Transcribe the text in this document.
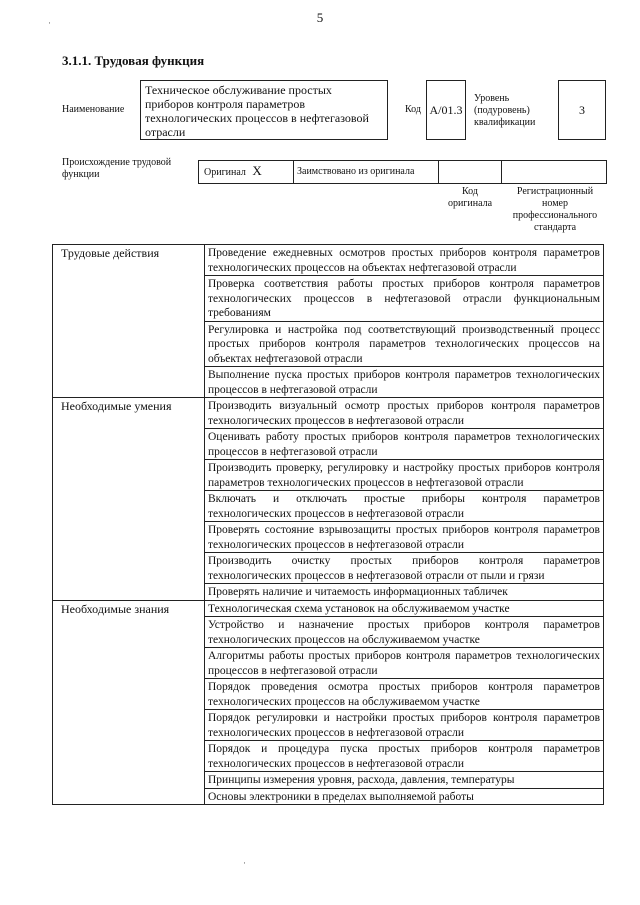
5
3.1.1. Трудовая функция
Наименование
Техническое обслуживание простых приборов контроля параметров технологических процессов в нефтегазовой отрасли
Код A/01.3
Уровень (подуровень) квалификации
3
Происхождение трудовой функции	Оригинал X	Заимствовано из оригинала
Код оригинала
Регистрационный номер профессионального стандарта
Трудовые действия	Проведение ежедневных осмотров простых приборов контроля параметров технологических процессов на объектах нефтегазовой отрасли
	Проверка соответствия работы простых приборов контроля параметров технологических процессов в нефтегазовой отрасли функциональным требованиям
	Регулировка и настройка под соответствующий производственный процесс простых приборов контроля параметров технологических процессов на объектах нефтегазовой отрасли
	Выполнение пуска простых приборов контроля параметров технологических процессов в нефтегазовой отрасли
Необходимые умения	Производить визуальный осмотр простых приборов контроля параметров технологических процессов в нефтегазовой отрасли
	Оценивать работу простых приборов контроля параметров технологических процессов в нефтегазовой отрасли
	Производить проверку, регулировку и настройку простых приборов контроля параметров технологических процессов в нефтегазовой отрасли
	Включать и отключать простые приборы контроля параметров технологических процессов в нефтегазовой отрасли
	Проверять состояние взрывозащиты простых приборов контроля параметров технологических процессов в нефтегазовой отрасли
	Производить очистку простых приборов контроля параметров технологических процессов в нефтегазовой отрасли от пыли и грязи
	Проверять наличие и читаемость информационных табличек
Необходимые знания	Технологическая схема установок на обслуживаемом участке
	Устройство и назначение простых приборов контроля параметров технологических процессов на обслуживаемом участке
	Алгоритмы работы простых приборов контроля параметров технологических процессов в нефтегазовой отрасли
	Порядок проведения осмотра простых приборов контроля параметров технологических процессов на обслуживаемом участке
	Порядок регулировки и настройки простых приборов контроля параметров технологических процессов в нефтегазовой отрасли
	Порядок и процедура пуска простых приборов контроля параметров технологических процессов в нефтегазовой отрасли
	Принципы измерения уровня, расхода, давления, температуры
	Основы электроники в пределах выполняемой работы
·
·
